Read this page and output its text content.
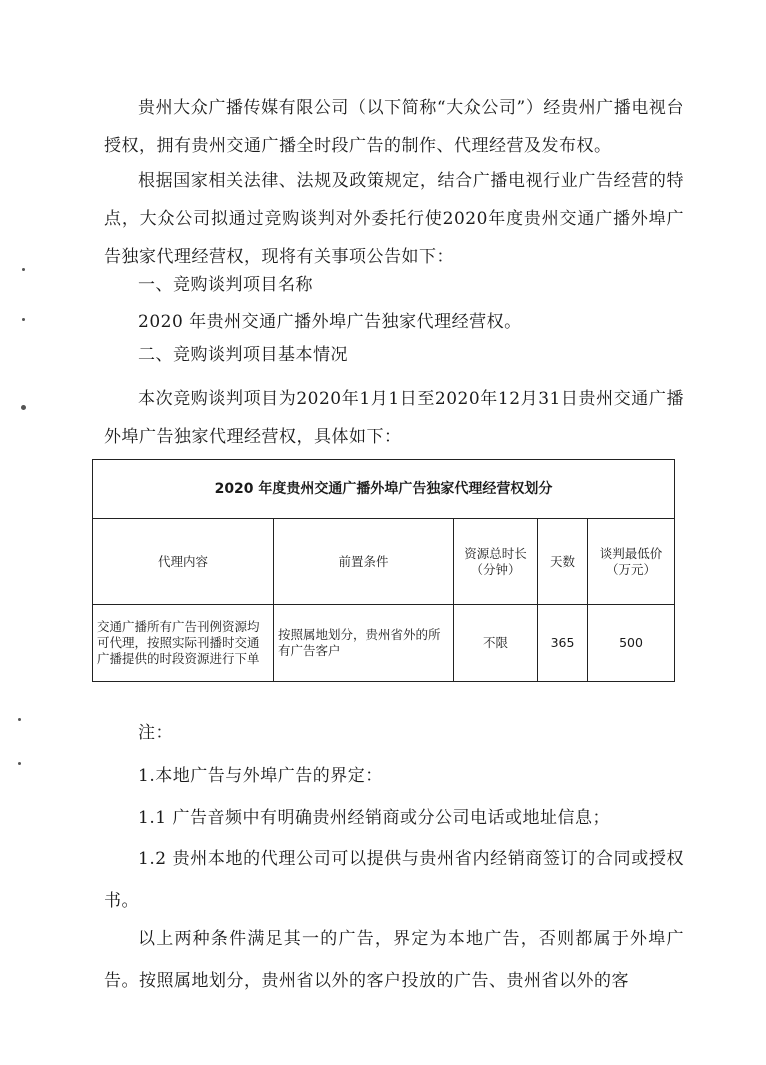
贵州大众广播传媒有限公司（以下简称“大众公司”）经贵州广播电视台授权，拥有贵州交通广播全时段广告的制作、代理经营及发布权。

根据国家相关法律、法规及政策规定，结合广播电视行业广告经营的特点，大众公司拟通过竞购谈判对外委托行使2020年度贵州交通广播外埠广告独家代理经营权，现将有关事项公告如下：

一、竞购谈判项目名称

2020 年贵州交通广播外埠广告独家代理经营权。

二、竞购谈判项目基本情况

本次竞购谈判项目为2020年1月1日至2020年12月31日贵州交通广播外埠广告独家代理经营权，具体如下：

2020 年度贵州交通广播外埠广告独家代理经营权划分				
代理内容	前置条件	资源总时长（分钟）	天数	谈判最低价（万元）
交通广播所有广告刊例资源均可代理，按照实际刊播时交通广播提供的时段资源进行下单	按照属地划分，贵州省外的所有广告客户	不限	365	500

注：

1.本地广告与外埠广告的界定：

1.1 广告音频中有明确贵州经销商或分公司电话或地址信息；

1.2 贵州本地的代理公司可以提供与贵州省内经销商签订的合同或授权书。

以上两种条件满足其一的广告，界定为本地广告，否则都属于外埠广告。按照属地划分，贵州省以外的客户投放的广告、贵州省以外的客
